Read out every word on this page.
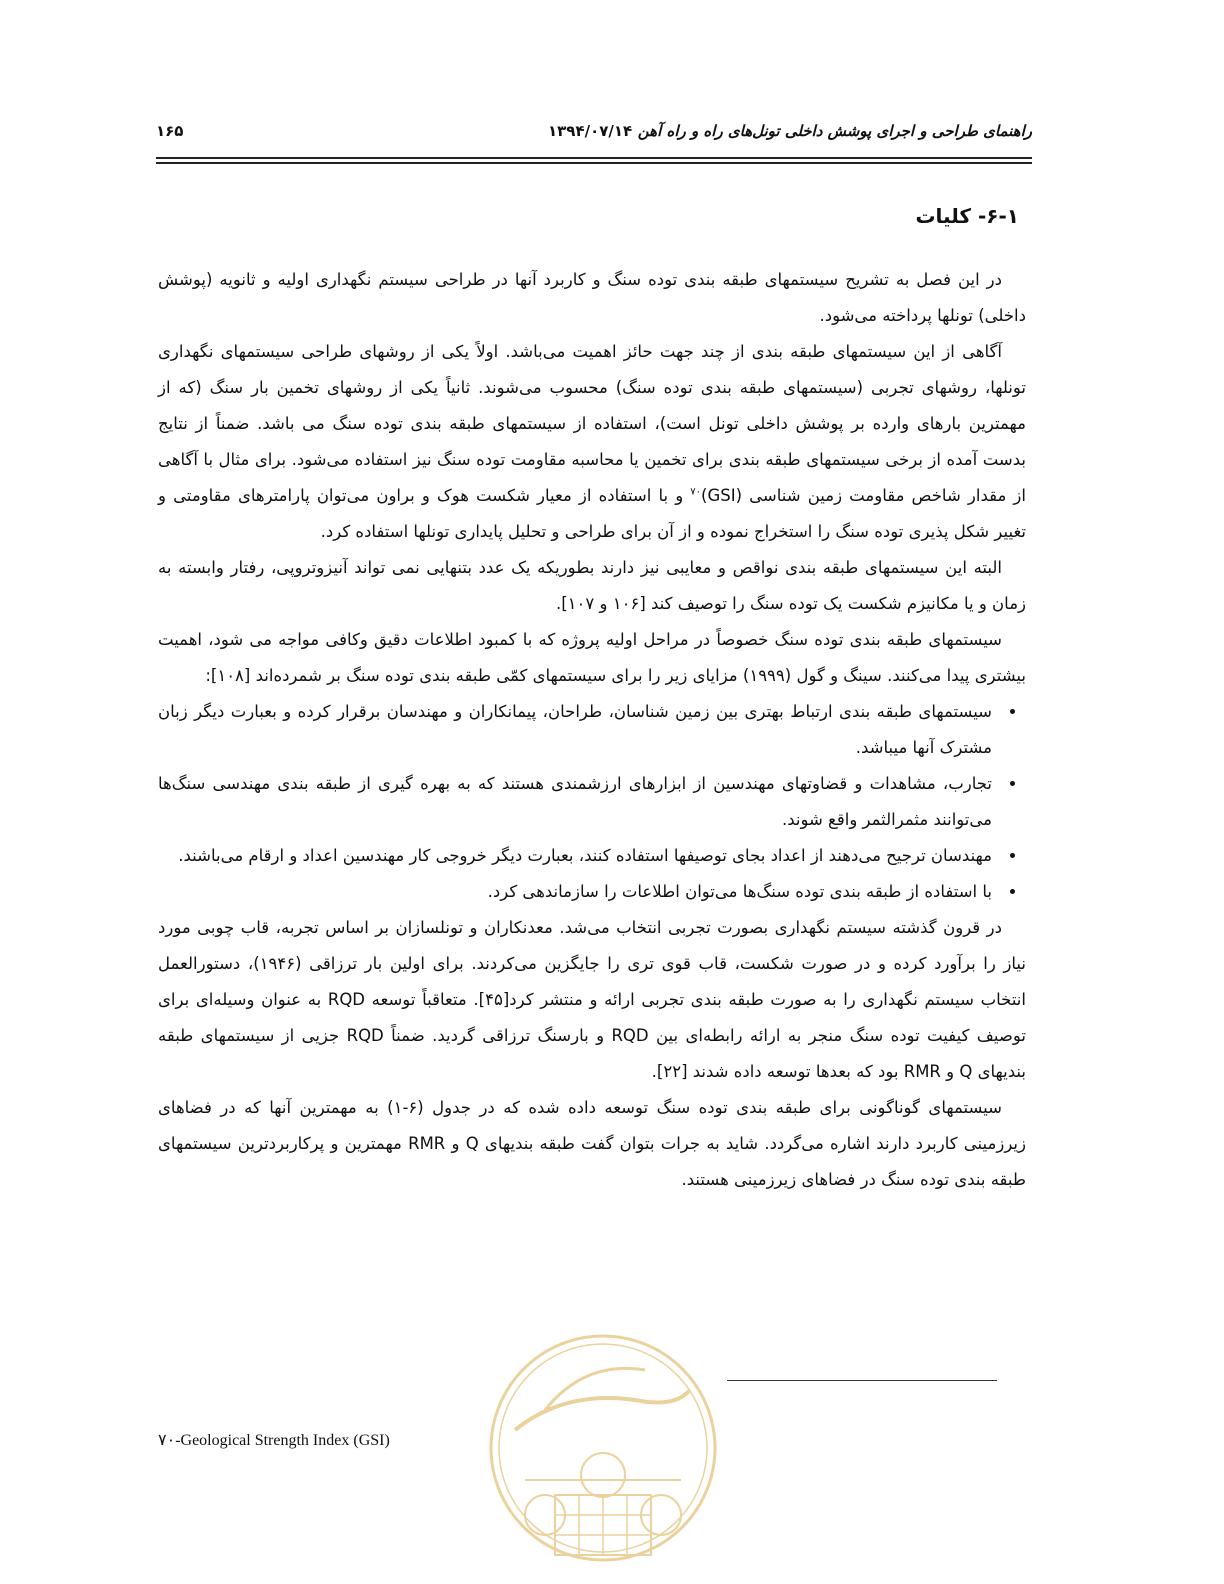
راهنمای طراحی و اجرای پوشش داخلی تونل‌های راه و راه آهن
۱۳۹۴/۰۷/۱۴
۱۶۵
۶-۱- کلیات

در این فصل به تشریح سیستمهای طبقه بندی توده سنگ و کاربرد آنها در طراحی سیستم نگهداری اولیه و ثانویه (پوشش داخلی) تونلها پرداخته می‌شود.

آگاهی از این سیستمهای طبقه بندی از چند جهت حائز اهمیت می‌باشد. اولاً یکی از روشهای طراحی سیستمهای نگهداری تونلها، روشهای تجربی (سیستمهای طبقه بندی توده سنگ) محسوب می‌شوند. ثانیاً یکی از روشهای تخمین بار سنگ (که از مهمترین بارهای وارده بر پوشش داخلی تونل است)، استفاده از سیستمهای طبقه بندی توده سنگ می باشد. ضمناً از نتایج بدست آمده از برخی سیستمهای طبقه بندی برای تخمین یا محاسبه مقاومت توده سنگ نیز استفاده می‌شود. برای مثال با آگاهی از مقدار شاخص مقاومت زمین شناسی (GSI)$^{۷۰}$ و با استفاده از معیار شکست هوک و براون می‌توان پارامترهای مقاومتی و تغییر شکل پذیری توده سنگ را استخراج نموده و از آن برای طراحی و تحلیل پایداری تونلها استفاده کرد.

البته این سیستمهای طبقه بندی نواقص و معایبی نیز دارند بطوریکه یک عدد بتنهایی نمی تواند آنیزوتروپی، رفتار وابسته به زمان و یا مکانیزم شکست یک توده سنگ را توصیف کند [۱۰۶ و ۱۰۷].

سیستمهای طبقه بندی توده سنگ خصوصاً در مراحل اولیه پروژه که با کمبود اطلاعات دقیق وکافی مواجه می شود، اهمیت بیشتری پیدا می‌کنند. سینگ و گول (۱۹۹۹) مزایای زیر را برای سیستمهای کمّی طبقه بندی توده سنگ بر شمرده‌اند [۱۰۸]:

• سیستمهای طبقه بندی ارتباط بهتری بین زمین شناسان، طراحان، پیمانکاران و مهندسان برقرار کرده و بعبارت دیگر زبان مشترک آنها میباشد.
• تجارب، مشاهدات و قضاوتهای مهندسین از ابزارهای ارزشمندی هستند که به بهره گیری از طبقه بندی مهندسی سنگ‌ها می‌توانند مثمرالثمر واقع شوند.
• مهندسان ترجیح می‌دهند از اعداد بجای توصیفها استفاده کنند، بعبارت دیگر خروجی کار مهندسین اعداد و ارقام می‌باشند.
• با استفاده از طبقه بندی توده سنگ‌ها می‌توان اطلاعات را سازماندهی کرد.

در قرون گذشته سیستم نگهداری بصورت تجربی انتخاب می‌شد. معدنکاران و تونلسازان بر اساس تجربه، قاب چوبی مورد نیاز را برآورد کرده و در صورت شکست، قاب قوی تری را جایگزین می‌کردند. برای اولین بار ترزاقی (۱۹۴۶)، دستورالعمل انتخاب سیستم نگهداری را به صورت طبقه بندی تجربی ارائه و منتشر کرد[۴۵]. متعاقباً توسعه RQD به عنوان وسیله‌ای برای توصیف کیفیت توده سنگ منجر به ارائه رابطه‌ای بین RQD و بارسنگ ترزاقی گردید. ضمناً RQD جزیی از سیستمهای طبقه بندیهای Q و RMR بود که بعدها توسعه داده شدند [۲۲].

سیستمهای گوناگونی برای طبقه بندی توده سنگ توسعه داده شده که در جدول (۶-۱) به مهمترین آنها که در فضاهای زیرزمینی کاربرد دارند اشاره می‌گردد. شاید به جرات بتوان گفت طبقه بندیهای Q و RMR مهمترین و پرکاربردترین سیستمهای طبقه بندی توده سنگ در فضاهای زیرزمینی هستند.

۷۰-Geological Strength Index (GSI)
